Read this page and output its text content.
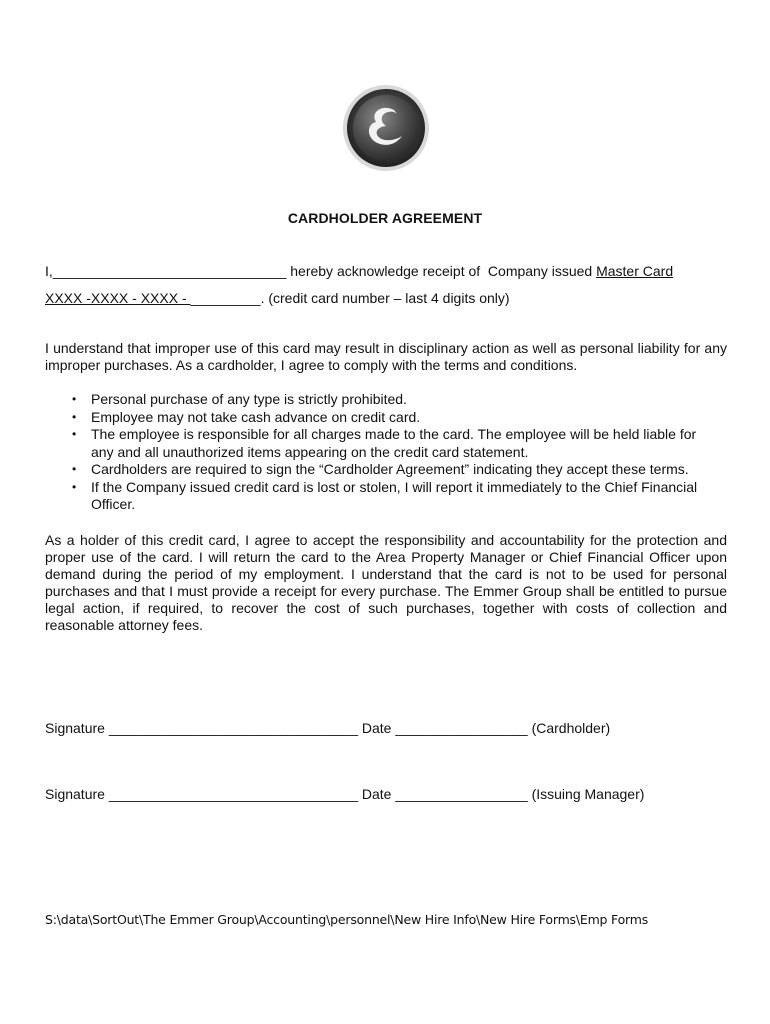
CARDHOLDER AGREEMENT
I,______________________________ hereby acknowledge receipt of  Company issued Master Card
XXXX -XXXX - XXXX - _________. (credit card number – last 4 digits only)
I understand that improper use of this card may result in disciplinary action as well as personal liability for any improper purchases. As a cardholder, I agree to comply with the terms and conditions.
• Personal purchase of any type is strictly prohibited.
• Employee may not take cash advance on credit card.
• The employee is responsible for all charges made to the card. The employee will be held liable for any and all unauthorized items appearing on the credit card statement.
• Cardholders are required to sign the “Cardholder Agreement” indicating they accept these terms.
• If the Company issued credit card is lost or stolen, I will report it immediately to the Chief Financial Officer.
As a holder of this credit card, I agree to accept the responsibility and accountability for the protection and proper use of the card. I will return the card to the Area Property Manager or Chief Financial Officer upon demand during the period of my employment. I understand that the card is not to be used for personal purchases and that I must provide a receipt for every purchase. The Emmer Group shall be entitled to pursue legal action, if required, to recover the cost of such purchases, together with costs of collection and reasonable attorney fees.
Signature ________________________________ Date _________________ (Cardholder)
Signature ________________________________ Date _________________ (Issuing Manager)
S:\data\SortOut\The Emmer Group\Accounting\personnel\New Hire Info\New Hire Forms\Emp Forms
